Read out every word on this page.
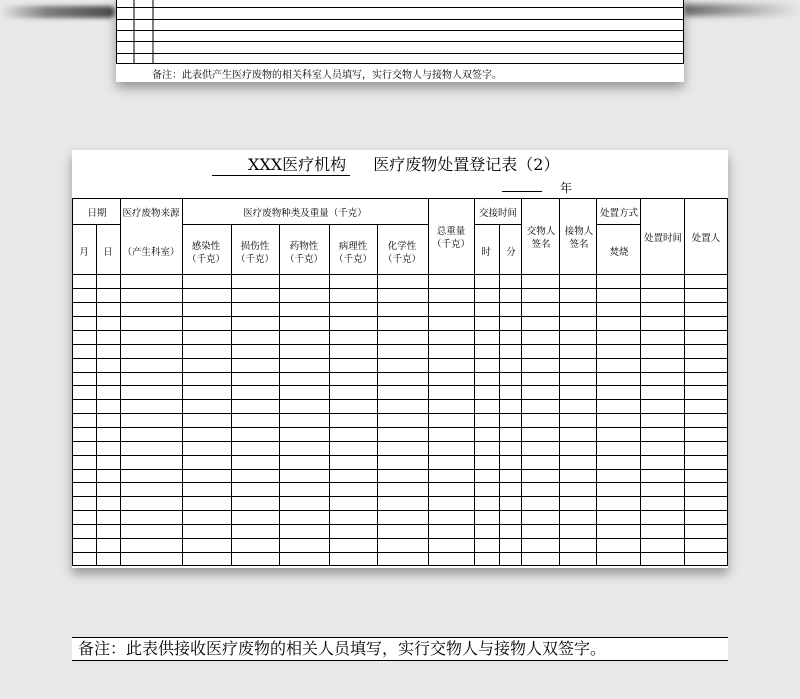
备注：此表供产生医疗废物的相关科室人员填写，实行交物人与接物人双签字。
XXX医疗机构 医疗废物处置登记表（2）
年
日期
月 日
医疗废物来源
（产生科室）
医疗废物种类及重量（千克）
感染性
（千克）
损伤性
（千克）
药物性
（千克）
病理性
（千克）
化学性
（千克）
总重量
（千克）
交接时间
时 分
交物人
签名
接物人
签名
处置方式
焚烧
处置时间 处置人
备注：此表供接收医疗废物的相关人员填写，实行交物人与接物人双签字。
